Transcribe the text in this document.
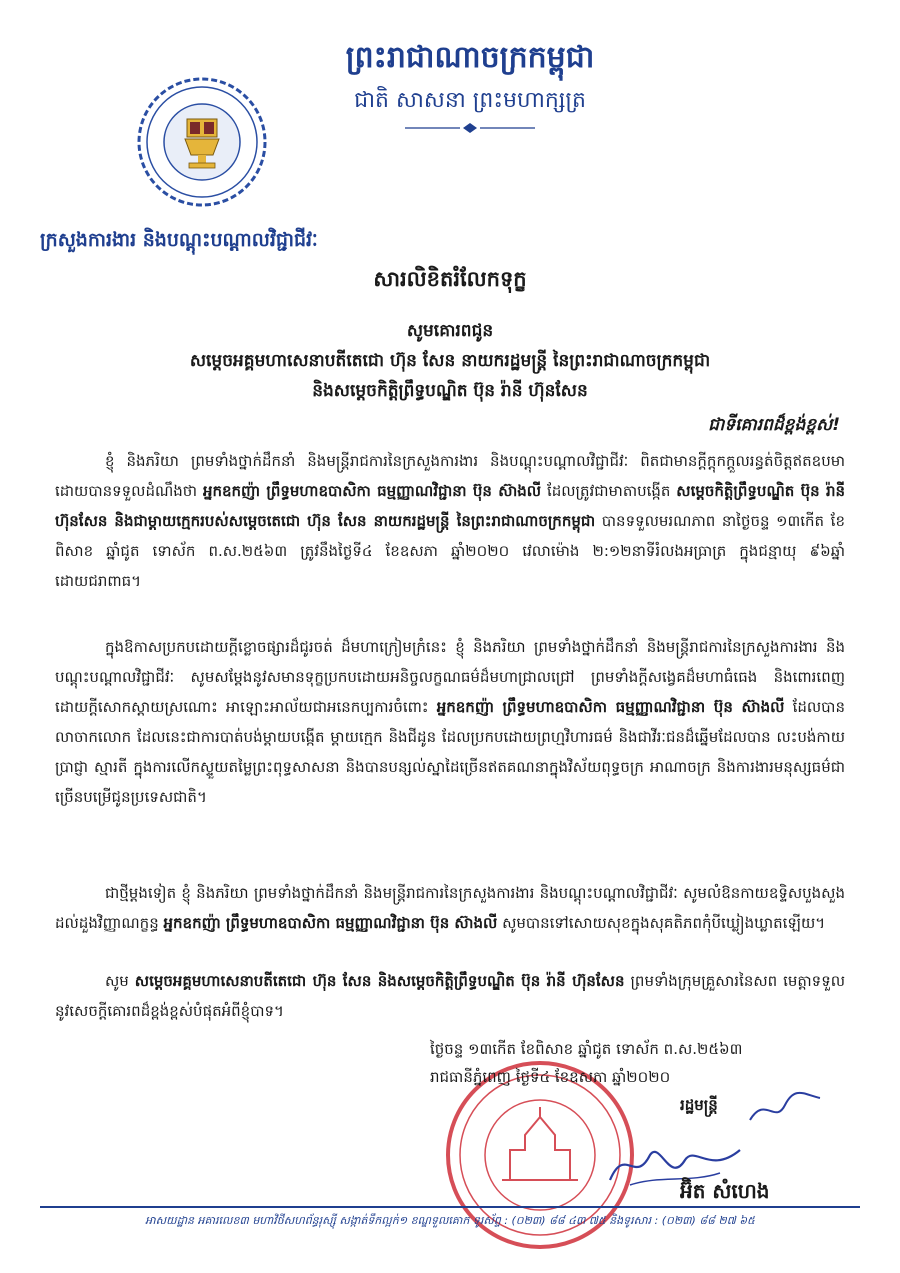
ព្រះរាជាណាចក្រកម្ពុជា
ជាតិ សាសនា ព្រះមហាក្សត្រ
ក្រសួងការងារ និងបណ្តុះបណ្តាលវិជ្ជាជីវៈ
សារលិខិតរំលែកទុក្ខ
សូមគោរពជូន
សម្តេចអគ្គមហាសេនាបតីតេជោ ហ៊ុន សែន នាយករដ្ឋមន្ត្រី នៃព្រះរាជាណាចក្រកម្ពុជា
និងសម្តេចកិត្តិព្រឹទ្ធបណ្ឌិត ប៊ុន រ៉ានី ហ៊ុនសែន
ជាទីគោរពដ៏ខ្ពង់ខ្ពស់!
ខ្ញុំ និងភរិយា ព្រមទាំងថ្នាក់ដឹកនាំ និងមន្ត្រីរាជការនៃក្រសួងការងារ និងបណ្តុះបណ្តាលវិជ្ជាជីវៈ ពិតជាមានក្តីក្តុកក្តួលរន្ធត់ចិត្តឥតឧបមា ដោយបានទទួលដំណឹងថា អ្នកឧកញ៉ា ព្រឹទ្ធមហាឧបាសិកា ធម្មញ្ញាណវិជ្ជានា ប៊ុន ស៊ាងលី ដែលត្រូវជាមាតាបង្កើត សម្តេចកិត្តិព្រឹទ្ធបណ្ឌិត ប៊ុន រ៉ានី ហ៊ុនសែន និងជាម្តាយក្មេករបស់សម្តេចតេជោ ហ៊ុន សែន នាយករដ្ឋមន្ត្រី នៃព្រះរាជាណាចក្រកម្ពុជា បានទទួលមរណភាព នាថ្ងៃចន្ទ ១៣កើត ខែពិសាខ ឆ្នាំជូត ទោស័ក ព.ស.២៥៦៣ ត្រូវនឹងថ្ងៃទី៤ ខែឧសភា ឆ្នាំ២០២០ វេលាម៉ោង ២:១២នាទីរំលងអធ្រាត្រ ក្នុងជន្មាយុ ៩៦ឆ្នាំ ដោយជរាពាធ។
ក្នុងឱកាសប្រកបដោយក្តីខ្លោចផ្សារដ៏ជូរចត់ ដ៏មហាក្រៀមក្រំនេះ ខ្ញុំ និងភរិយា ព្រមទាំងថ្នាក់ដឹកនាំ និងមន្ត្រីរាជការនៃក្រសួងការងារ និងបណ្តុះបណ្តាលវិជ្ជាជីវៈ សូមសម្តែងនូវសមានទុក្ខប្រកបដោយអនិច្ចលក្ខណធម៌ដ៏មហាជ្រាលជ្រៅ ព្រមទាំងក្តីសង្វេគដ៏មហាធំធេង និងពោរពេញដោយក្តីសោកស្តាយស្រណោះ អាឡោះអាល័យជាអនេកប្បការចំពោះ អ្នកឧកញ៉ា ព្រឹទ្ធមហាឧបាសិកា ធម្មញ្ញាណវិជ្ជានា ប៊ុន ស៊ាងលី ដែលបានលាចាកលោក ដែលនេះជាការបាត់បង់ម្តាយបង្កើត ម្តាយក្មេក និងជីដូន ដែលប្រកបដោយព្រហ្មវិហារធម៌ និងជាវីរៈជនដ៏ឆ្នើមដែលបាន លះបង់កាយ ប្រាជ្ញា ស្មារតី ក្នុងការលើកស្ទួយតម្លៃព្រះពុទ្ធសាសនា និងបានបន្សល់ស្នាដៃច្រើនឥតគណនាក្នុងវិស័យពុទ្ធចក្រ អាណាចក្រ និងការងារមនុស្សធម៌ជាច្រើនបម្រើជូនប្រទេសជាតិ។
ជាថ្មីម្តងទៀត ខ្ញុំ និងភរិយា ព្រមទាំងថ្នាក់ដឹកនាំ និងមន្ត្រីរាជការនៃក្រសួងការងារ និងបណ្តុះបណ្តាលវិជ្ជាជីវៈ សូមលំឱនកាយឧទ្ទិសបួងសួងដល់ដួងវិញ្ញាណក្ខន្ធ អ្នកឧកញ៉ា ព្រឹទ្ធមហាឧបាសិកា ធម្មញ្ញាណវិជ្ជានា ប៊ុន ស៊ាងលី សូមបានទៅសោយសុខក្នុងសុគតិភពកុំបីឃ្លៀងឃ្លាតឡើយ។
សូម សម្តេចអគ្គមហាសេនាបតីតេជោ ហ៊ុន សែន និងសម្តេចកិត្តិព្រឹទ្ធបណ្ឌិត ប៊ុន រ៉ានី ហ៊ុនសែន ព្រមទាំងក្រុមគ្រួសារនៃសព មេត្តាទទួលនូវសេចក្តីគោរពដ៏ខ្ពង់ខ្ពស់បំផុតអំពីខ្ញុំបាទ។
ថ្ងៃចន្ទ ១៣កើត ខែពិសាខ ឆ្នាំជូត ទោស័ក ព.ស.២៥៦៣
រាជធានីភ្នំពេញ ថ្ងៃទី៤ ខែឧសភា ឆ្នាំ២០២០
រដ្ឋមន្ត្រី
អ៊ិត សំហេង
អាសយដ្ឋាន អគារលេខ៣ មហាវិថីសហព័ន្ធរុស្ស៊ី សង្កាត់ទឹកល្អក់១ ខណ្ឌទួលគោក ទូរស័ព្ទ : (០២៣) ៨៨ ៤៣ ៧៥ និងទូរសារ : (០២៣) ៨៨ ២៧ ៦៥
